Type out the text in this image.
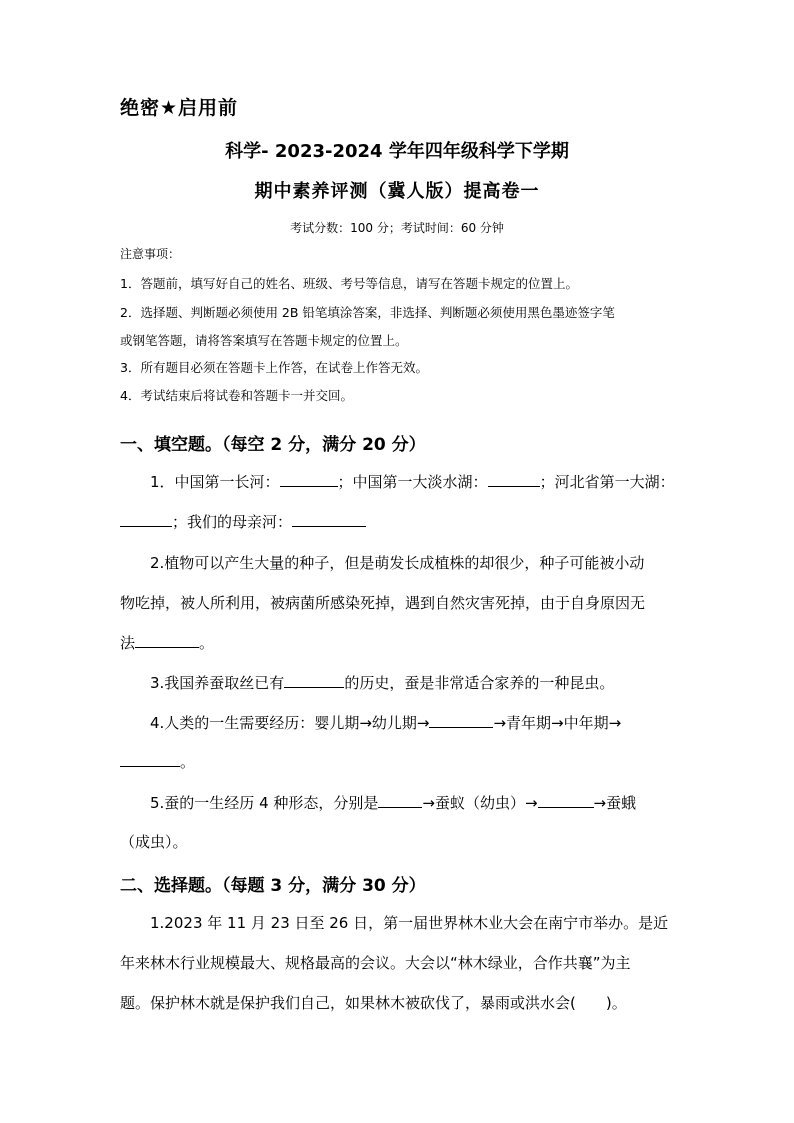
绝密★启用前
科学- 2023-2024 学年四年级科学下学期
期中素养评测（冀人版）提高卷一
考试分数：100 分；考试时间：60 分钟
注意事项：
1．答题前，填写好自己的姓名、班级、考号等信息，请写在答题卡规定的位置上。
2．选择题、判断题必须使用 2B 铅笔填涂答案，非选择、判断题必须使用黑色墨迹签字笔
或钢笔答题，请将答案填写在答题卡规定的位置上。
3．所有题目必须在答题卡上作答，在试卷上作答无效。
4．考试结束后将试卷和答题卡一并交回。
一、填空题。（每空 2 分，满分 20 分）
1．中国第一长河：	；中国第一大淡水湖：	；河北省第一大湖：
；我们的母亲河：
2.植物可以产生大量的种子，但是萌发长成植株的却很少，种子可能被小动
物吃掉，被人所利用，被病菌所感染死掉，遇到自然灾害死掉，由于自身原因无
法	。
3.我国养蚕取丝已有	的历史，蚕是非常适合家养的一种昆虫。
4.人类的一生需要经历：婴儿期→幼儿期→	→青年期→中年期→
。
5.蚕的一生经历 4 种形态，分别是	→蚕蚁（幼虫）→	→蚕蛾
（成虫）。
二、选择题。（每题 3 分，满分 30 分）
1.2023 年 11 月 23 日至 26 日，第一届世界林木业大会在南宁市举办。是近
年来林木行业规模最大、规格最高的会议。大会以“林木绿业，合作共襄”为主
题。保护林木就是保护我们自己，如果林木被砍伐了，暴雨或洪水会(　　)。
